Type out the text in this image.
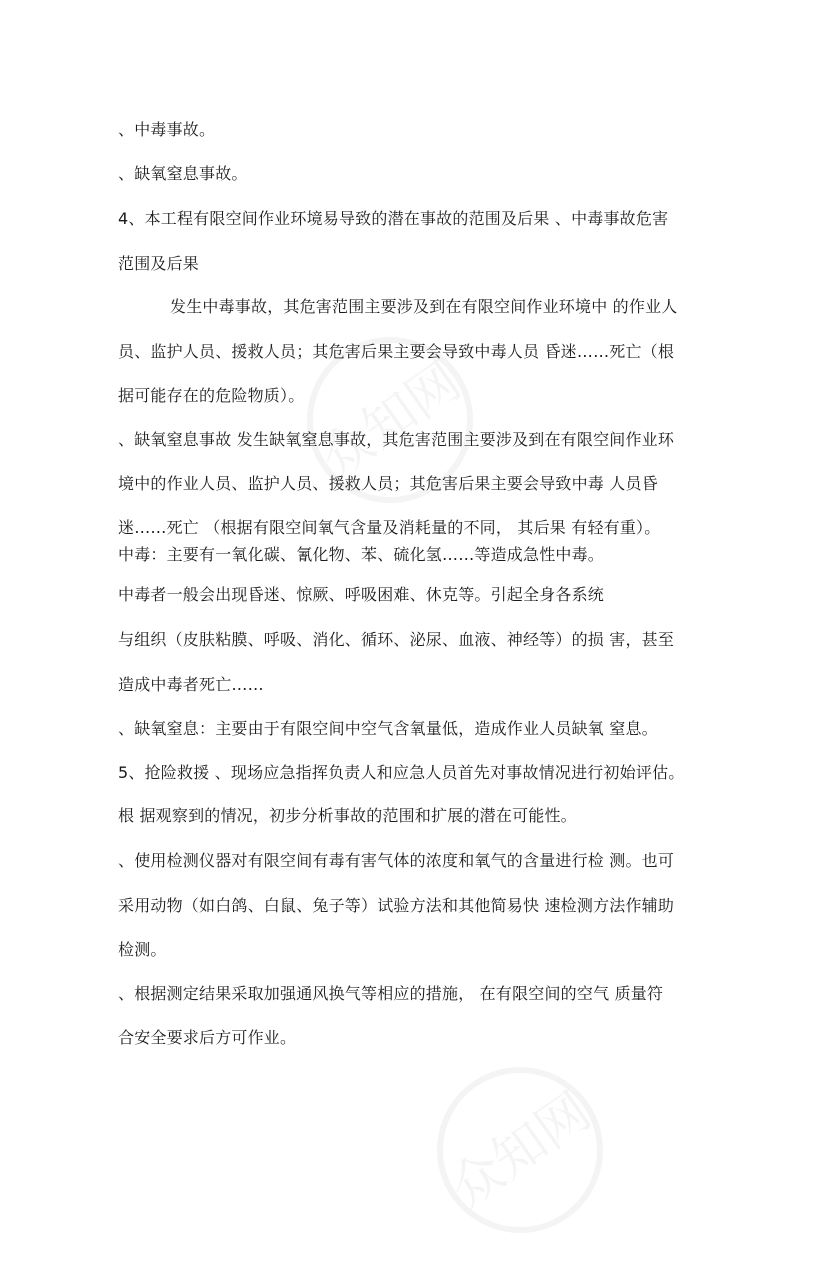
众知网
众知网
、中毒事故。
、缺氧窒息事故。
4、本工程有限空间作业环境易导致的潜在事故的范围及后果 、中毒事故危害
范围及后果
发生中毒事故，其危害范围主要涉及到在有限空间作业环境中 的作业人
员、监护人员、援救人员；其危害后果主要会导致中毒人员 昏迷……死亡（根
据可能存在的危险物质）。
、缺氧窒息事故 发生缺氧窒息事故，其危害范围主要涉及到在有限空间作业环
境中的作业人员、监护人员、援救人员；其危害后果主要会导致中毒 人员昏
迷……死亡 （根据有限空间氧气含量及消耗量的不同， 其后果 有轻有重）。
中毒：主要有一氧化碳、氰化物、苯、硫化氢……等造成急性中毒。
中毒者一般会出现昏迷、惊厥、呼吸困难、休克等。引起全身各系统
与组织（皮肤粘膜、呼吸、消化、循环、泌尿、血液、神经等）的损 害，甚至
造成中毒者死亡……
、缺氧窒息：主要由于有限空间中空气含氧量低，造成作业人员缺氧 窒息。
5、抢险救援 、现场应急指挥负责人和应急人员首先对事故情况进行初始评估。
根 据观察到的情况，初步分析事故的范围和扩展的潜在可能性。
、使用检测仪器对有限空间有毒有害气体的浓度和氧气的含量进行检 测。也可
采用动物（如白鸽、白鼠、兔子等）试验方法和其他简易快 速检测方法作辅助
检测。
、根据测定结果采取加强通风换气等相应的措施， 在有限空间的空气 质量符
合安全要求后方可作业。
